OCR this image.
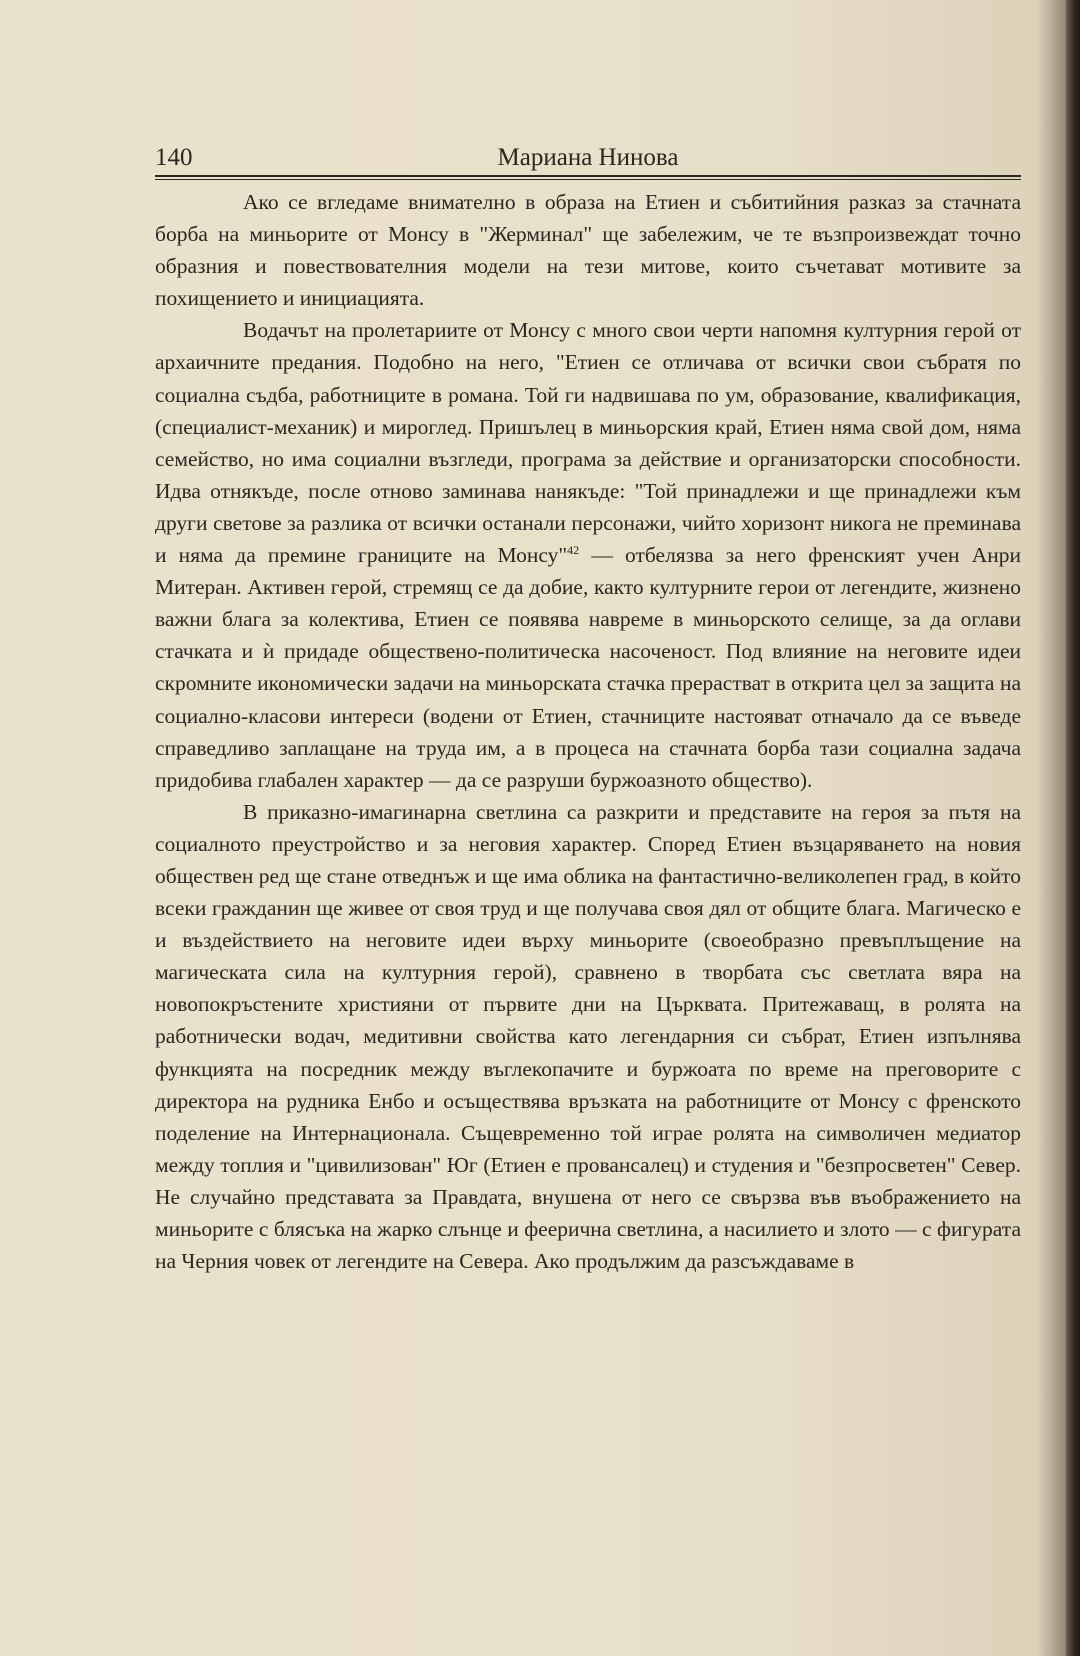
140	Мариана Нинова

Ако се вгледаме внимателно в образа на Етиен и събитийния разказ за стачната борба на миньорите от Монсу в "Жерминал" ще забележим, че те възпроизвеждат точно образния и повествователния модели на тези митове, които съчетават мотивите за похищението и инициацията.

Водачът на пролетариите от Монсу с много свои черти напомня културния герой от архаичните предания. Подобно на него, "Етиен се отличава от всички свои събратя по социална съдба, работниците в романа. Той ги надвишава по ум, образование, квалификация, (специалист-механик) и мироглед. Пришълец в миньорския край, Етиен няма свой дом, няма семейство, но има социални възгледи, програма за действие и организаторски способности. Идва отнякъде, после отново заминава нанякъде: "Той принадлежи и ще принадлежи към други светове за разлика от всички останали персонажи, чийто хоризонт никога не преминава и няма да премине границите на Монсу"$^{42}$ — отбелязва за него френският учен Анри Митеран. Активен герой, стремящ се да добие, както културните герои от легендите, жизнено важни блага за колектива, Етиен се появява навреме в миньорското селище, за да оглави стачката и ѝ придаде обществено-политическа насоченост. Под влияние на неговите идеи скромните икономически задачи на миньорската стачка прерастват в открита цел за защита на социално-класови интереси (водени от Етиен, стачниците настояват отначало да се въведе справедливо заплащане на труда им, а в процеса на стачната борба тази социална задача придобива глабален характер — да се разруши буржоазното общество).

В приказно-имагинарна светлина са разкрити и представите на героя за пътя на социалното преустройство и за неговия характер. Според Етиен възцаряването на новия обществен ред ще стане отведнъж и ще има облика на фантастично-великолепен град, в който всеки гражданин ще живее от своя труд и ще получава своя дял от общите блага. Магическо е и въздействието на неговите идеи върху миньорите (своеобразно превъплъщение на магическата сила на културния герой), сравнено в творбата със светлата вяра на новопокръстените християни от първите дни на Църквата. Притежаващ, в ролята на работнически водач, медитивни свойства като легендарния си събрат, Етиен изпълнява функцията на посредник между въглекопачите и буржоата по време на преговорите с директора на рудника Енбо и осъществява връзката на работниците от Монсу с френското поделение на Интернационала. Същевременно той играе ролята на символичен медиатор между топлия и "цивилизован" Юг (Етиен е провансалец) и студения и "безпросветен" Север. Не случайно представата за Правдата, внушена от него се свързва във въображението на миньорите с блясъка на жарко слънце и феерична светлина, а насилието и злото — с фигурата на Черния човек от легендите на Севера. Ако продължим да разсъждаваме в
